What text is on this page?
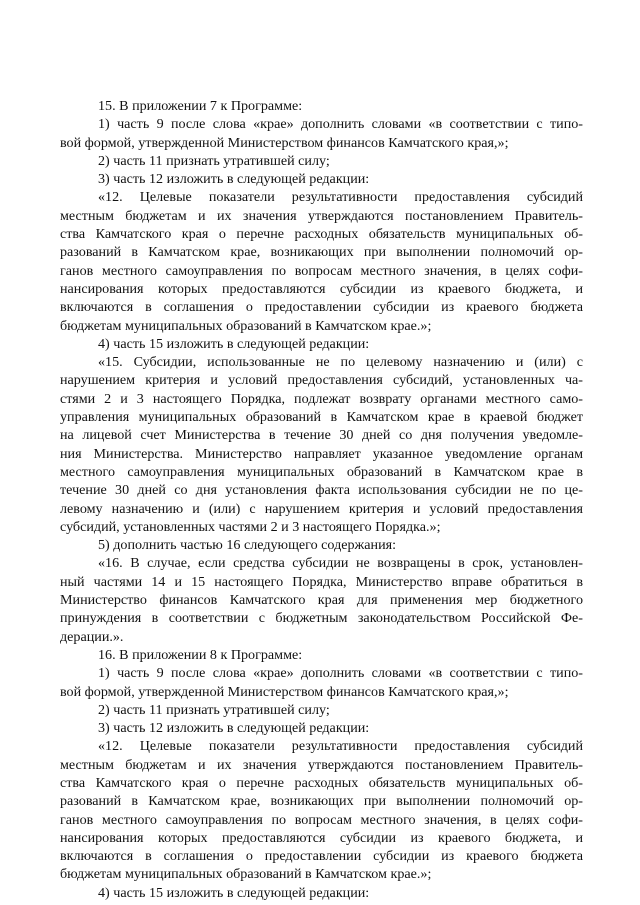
15. В приложении 7 к Программе:
1) часть 9 после слова «крае» дополнить словами «в соответствии с типо-
вой формой, утвержденной Министерством финансов Камчатского края,»;
2) часть 11 признать утратившей силу;
3) часть 12 изложить в следующей редакции:
«12. Целевые показатели результативности предоставления субсидий
местным бюджетам и их значения утверждаются постановлением Правитель-
ства Камчатского края о перечне расходных обязательств муниципальных об-
разований в Камчатском крае, возникающих при выполнении полномочий ор-
ганов местного самоуправления по вопросам местного значения, в целях софи-
нансирования которых предоставляются субсидии из краевого бюджета, и
включаются в соглашения о предоставлении субсидии из краевого бюджета
бюджетам муниципальных образований в Камчатском крае.»;
4) часть 15 изложить в следующей редакции:
«15. Субсидии, использованные не по целевому назначению и (или) с
нарушением критерия и условий предоставления субсидий, установленных ча-
стями 2 и 3 настоящего Порядка, подлежат возврату органами местного само-
управления муниципальных образований в Камчатском крае в краевой бюджет
на лицевой счет Министерства в течение 30 дней со дня получения уведомле-
ния Министерства. Министерство направляет указанное уведомление органам
местного самоуправления муниципальных образований в Камчатском крае в
течение 30 дней со дня установления факта использования субсидии не по це-
левому назначению и (или) с нарушением критерия и условий предоставления
субсидий, установленных частями 2 и 3 настоящего Порядка.»;
5) дополнить частью 16 следующего содержания:
«16. В случае, если средства субсидии не возвращены в срок, установлен-
ный частями 14 и 15 настоящего Порядка, Министерство вправе обратиться в
Министерство финансов Камчатского края для применения мер бюджетного
принуждения в соответствии с бюджетным законодательством Российской Фе-
дерации.».
16. В приложении 8 к Программе:
1) часть 9 после слова «крае» дополнить словами «в соответствии с типо-
вой формой, утвержденной Министерством финансов Камчатского края,»;
2) часть 11 признать утратившей силу;
3) часть 12 изложить в следующей редакции:
«12. Целевые показатели результативности предоставления субсидий
местным бюджетам и их значения утверждаются постановлением Правитель-
ства Камчатского края о перечне расходных обязательств муниципальных об-
разований в Камчатском крае, возникающих при выполнении полномочий ор-
ганов местного самоуправления по вопросам местного значения, в целях софи-
нансирования которых предоставляются субсидии из краевого бюджета, и
включаются в соглашения о предоставлении субсидии из краевого бюджета
бюджетам муниципальных образований в Камчатском крае.»;
4) часть 15 изложить в следующей редакции:
